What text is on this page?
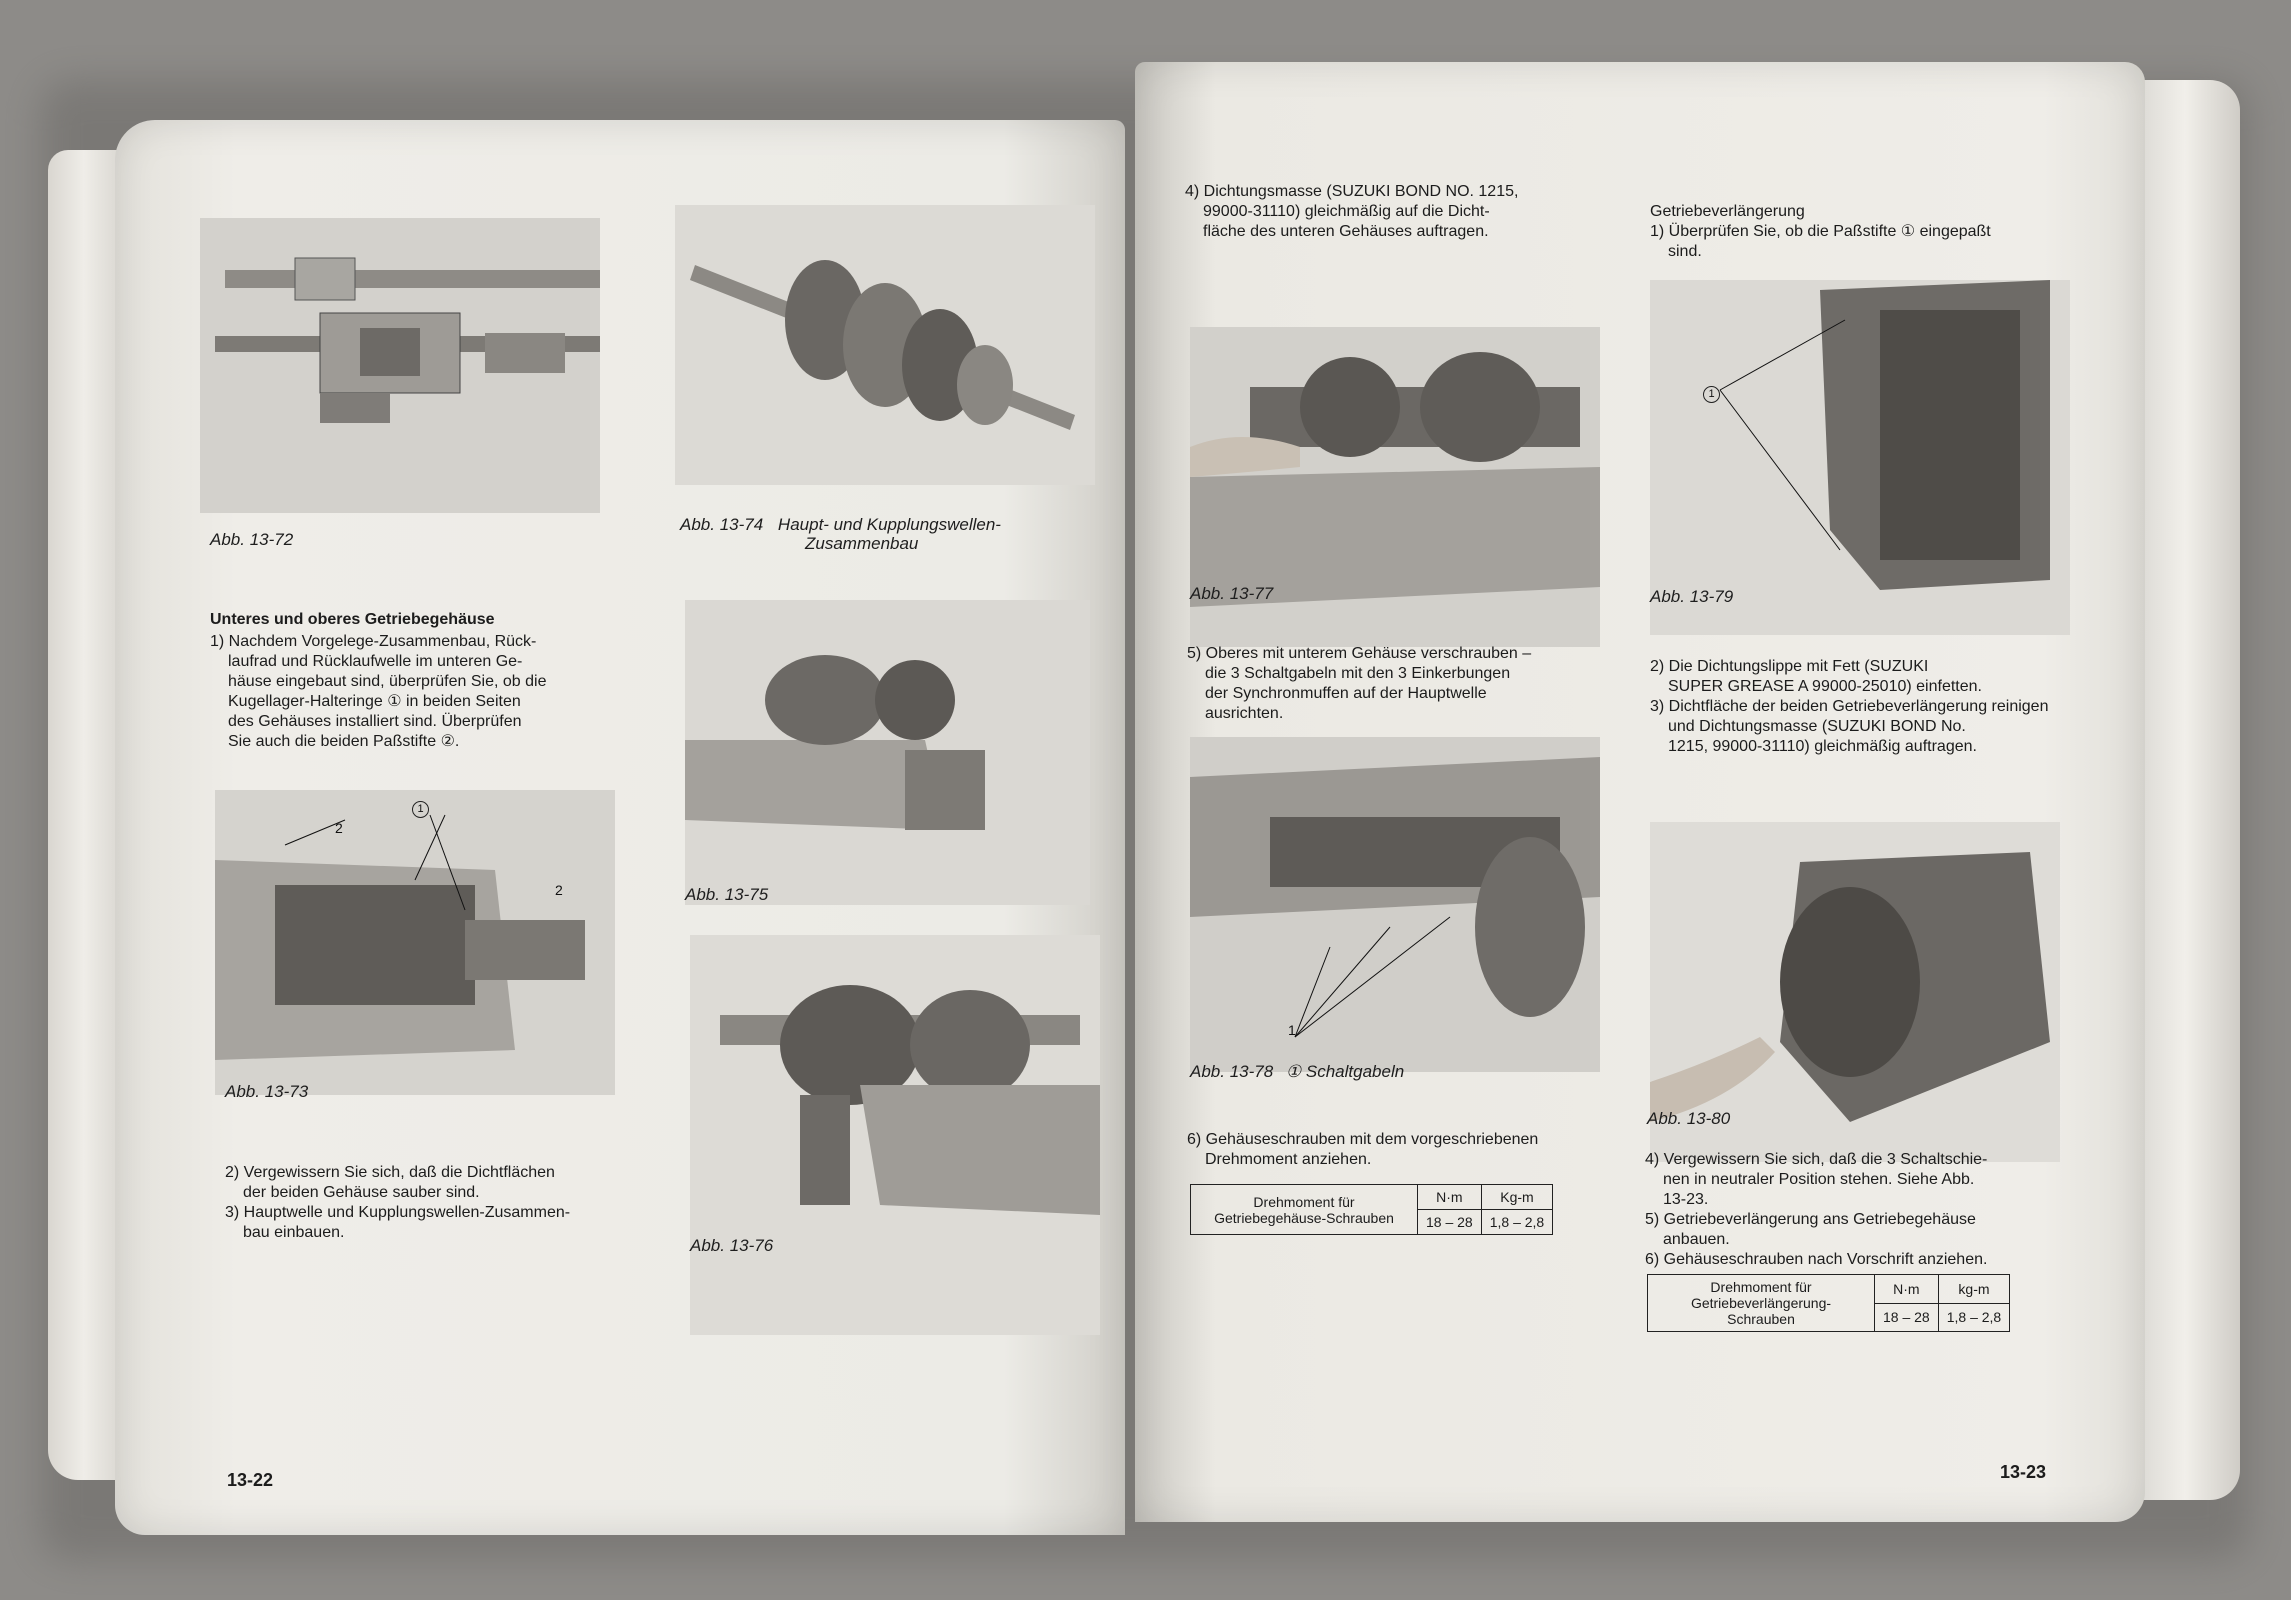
Abb. 13-72
Abb. 13-74 Haupt- und Kupplungswellen-
Zusammenbau
Unteres und oberes Getriebegehäuse
1) Nachdem Vorgelege-Zusammenbau, Rück-
laufrad und Rücklaufwelle im unteren Ge-
häuse eingebaut sind, überprüfen Sie, ob die
Kugellager-Halteringe ① in beiden Seiten
des Gehäuses installiert sind. Überprüfen
Sie auch die beiden Paßstifte ②.
1
2
2
Abb. 13-73
Abb. 13-75
Abb. 13-76
2) Vergewissern Sie sich, daß die Dichtflächen
der beiden Gehäuse sauber sind.
3) Hauptwelle und Kupplungswellen-Zusammen-
bau einbauen.
13-22
4) Dichtungsmasse (SUZUKI BOND NO. 1215,
99000-31110) gleichmäßig auf die Dicht-
fläche des unteren Gehäuses auftragen.
Abb. 13-77
5) Oberes mit unterem Gehäuse verschrauben –
die 3 Schaltgabeln mit den 3 Einkerbungen
der Synchronmuffen auf der Hauptwelle
ausrichten.
1
Abb. 13-78 ① Schaltgabeln
6) Gehäuseschrauben mit dem vorgeschriebenen
Drehmoment anziehen.
Drehmoment für
Getriebegehäuse-Schrauben	N·m	Kg-m
	18 – 28	1,8 – 2,8
Getriebeverlängerung
1) Überprüfen Sie, ob die Paßstifte ① eingepaßt
sind.
1
Abb. 13-79
2) Die Dichtungslippe mit Fett (SUZUKI
SUPER GREASE A 99000-25010) einfetten.
3) Dichtfläche der beiden Getriebeverlängerung reinigen
und Dichtungsmasse (SUZUKI BOND No.
1215, 99000-31110) gleichmäßig auftragen.
Abb. 13-80
4) Vergewissern Sie sich, daß die 3 Schaltschie-
nen in neutraler Position stehen. Siehe Abb.
13-23.
5) Getriebeverlängerung ans Getriebegehäuse
anbauen.
6) Gehäuseschrauben nach Vorschrift anziehen.
Drehmoment für
Getriebeverlängerung-
Schrauben	N·m	kg-m
	18 – 28	1,8 – 2,8
13-23
